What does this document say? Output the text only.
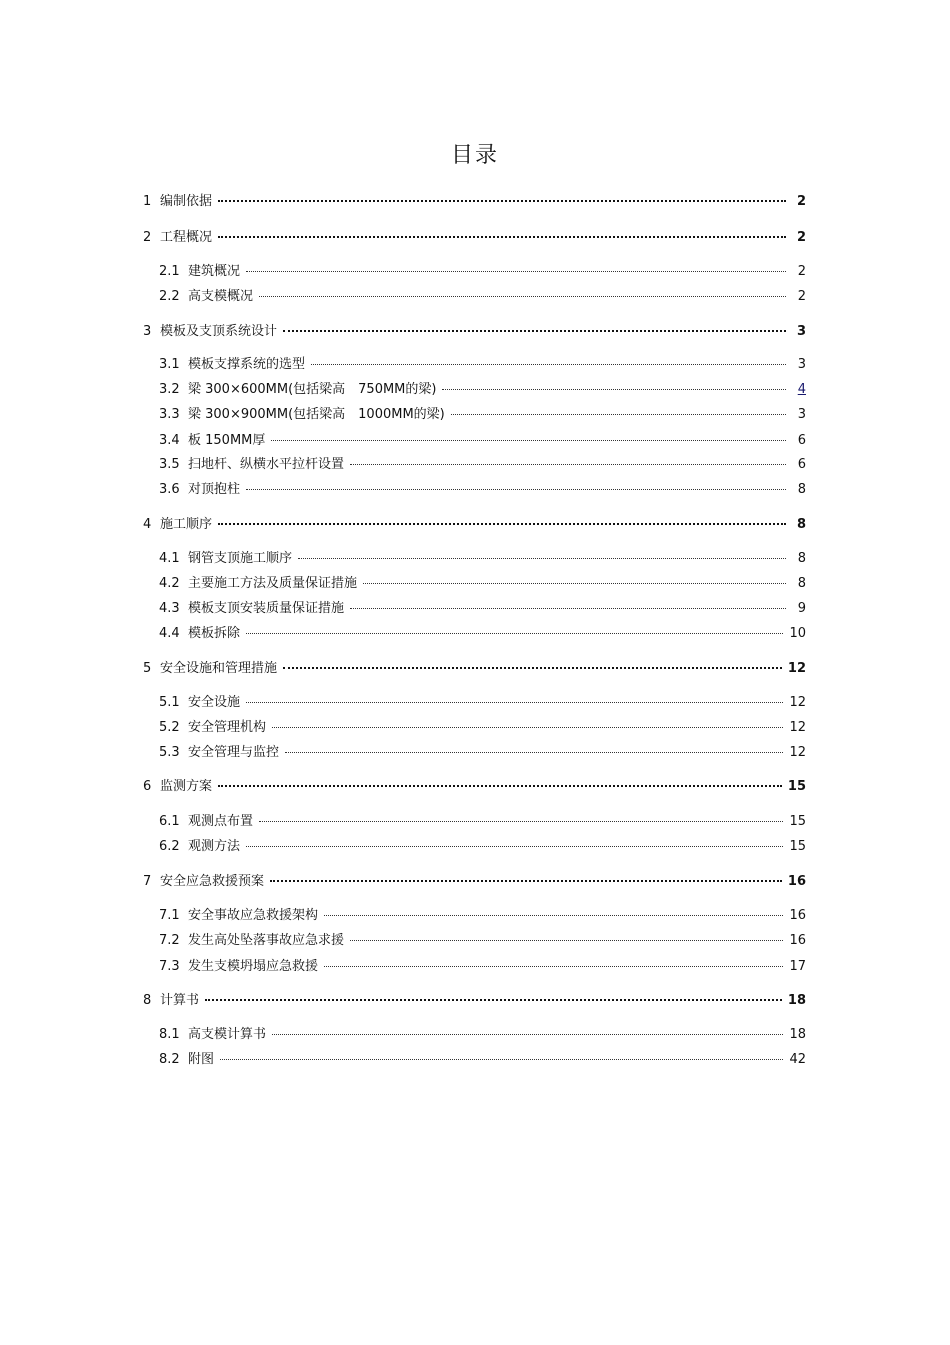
目录
1 编制依据	2
2 工程概况	2
2.1 建筑概况	2
2.2 高支模概况	2
3 模板及支顶系统设计	3
3.1 模板支撑系统的选型	3
3.2 梁 300×600MM(包括梁高　750MM的梁)	4
3.3 梁 300×900MM(包括梁高　1000MM的梁)	3
3.4 板 150MM厚	6
3.5 扫地杆、纵横水平拉杆设置	6
3.6 对顶抱柱	8
4 施工顺序	8
4.1 钢管支顶施工顺序	8
4.2 主要施工方法及质量保证措施	8
4.3 模板支顶安装质量保证措施	9
4.4 模板拆除	10
5 安全设施和管理措施	12
5.1 安全设施	12
5.2 安全管理机构	12
5.3 安全管理与监控	12
6 监测方案	15
6.1 观测点布置	15
6.2 观测方法	15
7 安全应急救援预案	16
7.1 安全事故应急救援架构	16
7.2 发生高处坠落事故应急求援	16
7.3 发生支模坍塌应急救援	17
8 计算书	18
8.1 高支模计算书	18
8.2 附图	42
